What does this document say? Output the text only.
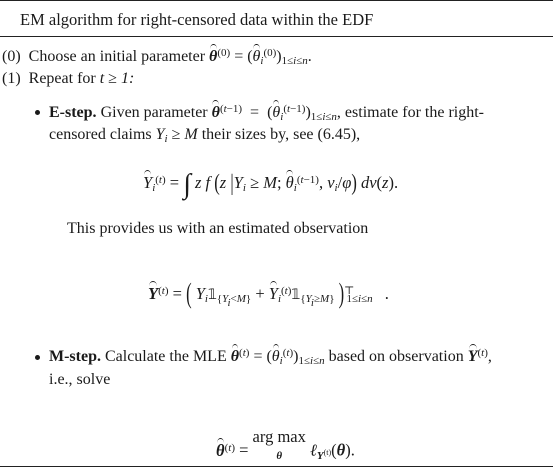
EM algorithm for right-censored data within the EDF
(0) Choose an initial parameter $\theta^{(0)} = (\theta_i^{(0)})_{1\le i\le n}$.
(1) Repeat for t ≥ 1:
E-step. Given parameter $\theta^{(t-1)} = (\theta_i^{(t-1)})_{1\le i\le n}$, estimate for the right-
censored claims $Y_i \ge M$ their sizes by, see (6.45),
$Y_i^{(t)}$ = ∫ z f (z $|Y_i \ge M$; $\theta_i^{(t-1)}$, $v_i/\varphi$) dν(z).
This provides us with an estimated observation
$Y^{(t)}$ = ( $Y_i𝟙_{\{Y_i<M\}}$ + $Y_i^{(t)}𝟙_{\{Y_i\ge M\}}$ )$^⊤_{1\le i\le n}$ .
M-step. Calculate the MLE $\theta^{(t)} = (\theta_i^{(t)})_{1\le i\le n}$ based on observation $Y^{(t)}$,
i.e., solve
$\theta^{(t)}$ = arg max
θ ℓ$_{Y^{(t)}}$(θ).
